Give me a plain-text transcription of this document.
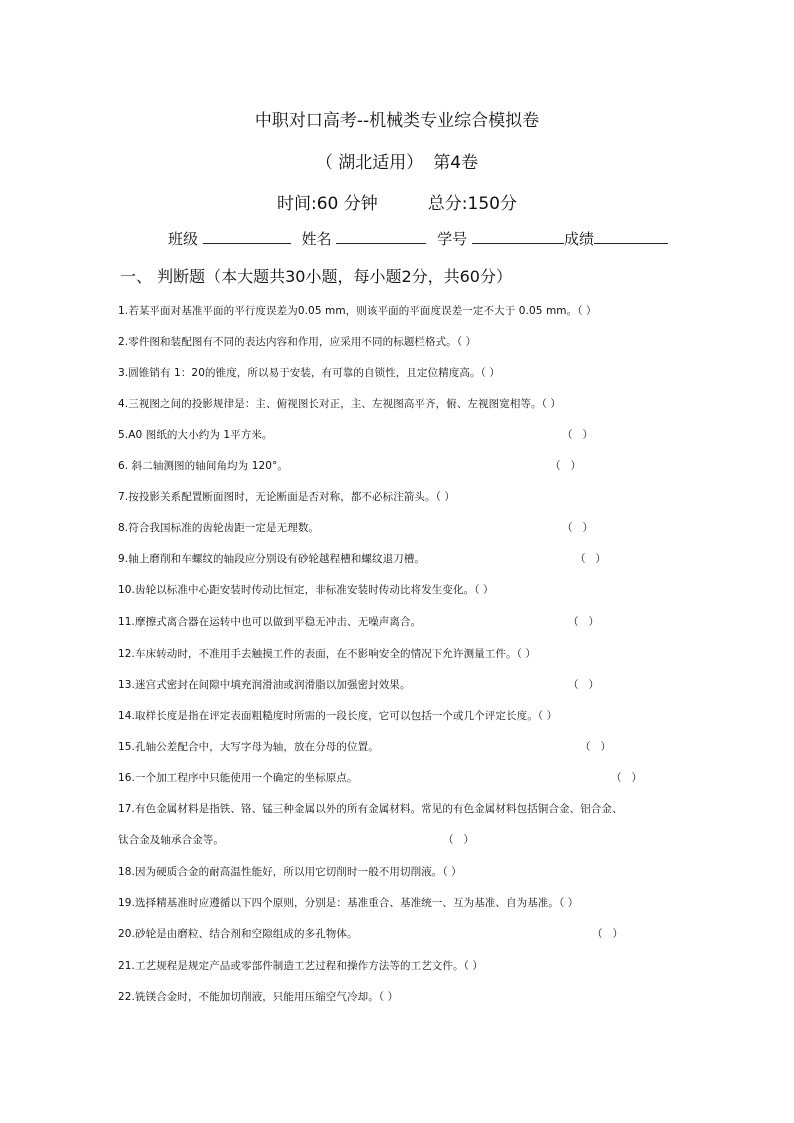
中职对口高考--机械类专业综合模拟卷
（ 湖北适用） 第4卷
时间:60 分钟	总分:150分
班级	姓名	学号	成绩
一、 判断题（本大题共30小题，每小题2分，共60分）
1.若某平面对基准平面的平行度误差为0.05 mm，则该平面的平面度误差一定不大于 0.05 mm。（ ）
2.零件图和装配图有不同的表达内容和作用，应采用不同的标题栏格式。（ ）
3.圆锥销有 1：20的锥度，所以易于安装，有可靠的自锁性，且定位精度高。（ ）
4.三视图之间的投影规律是：主、俯视图长对正，主、左视图高平齐，俯、左视图宽相等。（ ）
5.A0 图纸的大小约为 1平方米。	（   ）
6. 斜二轴测图的轴间角均为 120°。	（   ）
7.按投影关系配置断面图时，无论断面是否对称，都不必标注箭头。（ ）
8.符合我国标准的齿轮齿距一定是无理数。	（   ）
9.轴上磨削和车螺纹的轴段应分别设有砂轮越程槽和螺纹退刀槽。	（   ）
10.齿轮以标准中心距安装时传动比恒定，非标准安装时传动比将发生变化。（ ）
11.摩擦式离合器在运转中也可以做到平稳无冲击、无噪声离合。	（   ）
12.车床转动时，不准用手去触摸工件的表面，在不影响安全的情况下允许测量工件。（ ）
13.迷宫式密封在间隙中填充润滑油或润滑脂以加强密封效果。	（   ）
14.取样长度是指在评定表面粗糙度时所需的一段长度，它可以包括一个或几个评定长度。（ ）
15.孔轴公差配合中，大写字母为轴，放在分母的位置。	（   ）
16.一个加工程序中只能使用一个确定的坐标原点。	（   ）
17.有色金属材料是指铁、铬、锰三种金属以外的所有金属材料。常见的有色金属材料包括铜合金、铝合金、
钛合金及轴承合金等。	（   ）
18.因为硬质合金的耐高温性能好，所以用它切削时一般不用切削液。（ ）
19.选择精基准时应遵循以下四个原则，分别是：基准重合、基准统一、互为基准、自为基准。（ ）
20.砂轮是由磨粒、结合剂和空隙组成的多孔物体。	（   ）
21.工艺规程是规定产品或零部件制造工艺过程和操作方法等的工艺文件。（ ）
22.铣镁合金时，不能加切削液，只能用压缩空气冷却。（ ）
